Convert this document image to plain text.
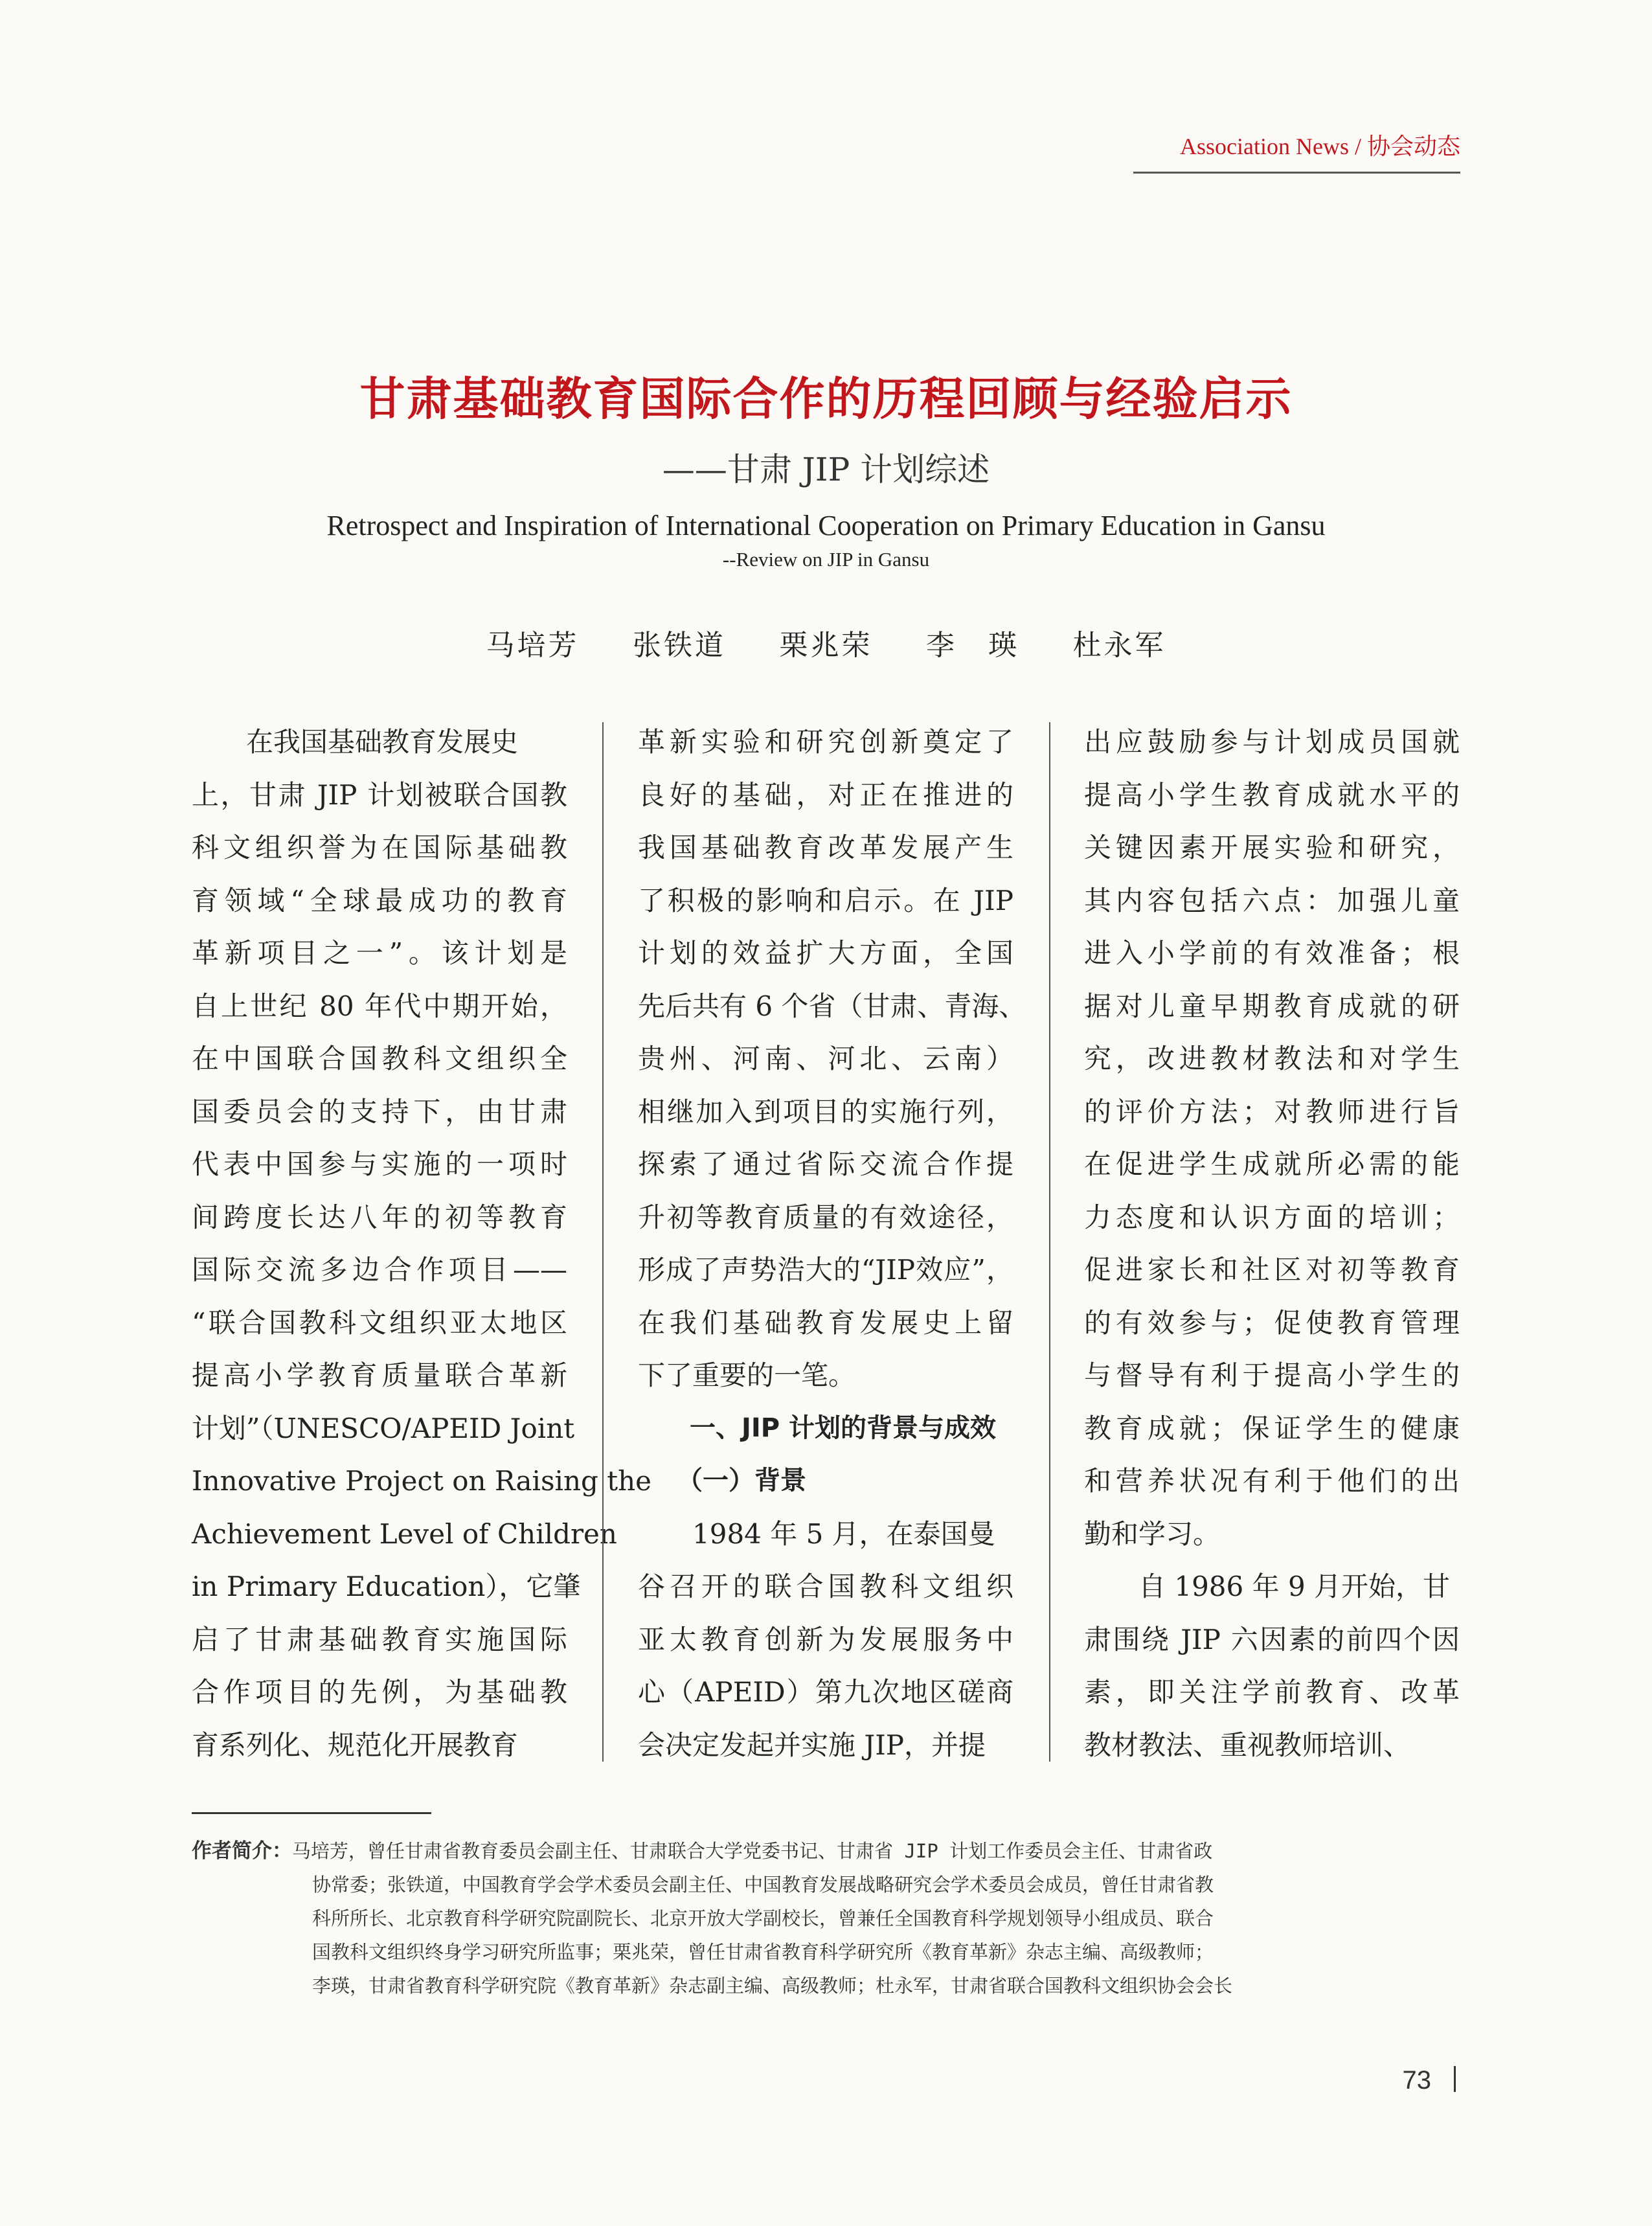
Association News / 协会动态
甘肃基础教育国际合作的历程回顾与经验启示
——甘肃 JIP 计划综述
Retrospect and Inspiration of International Cooperation on Primary Education in Gansu
--Review on JIP in Gansu
马培芳 张铁道 栗兆荣 李　瑛 杜永军
　　在我国基础教育发展史
上，甘肃 JIP 计划被联合国教
科文组织誉为在国际基础教
育领域“全球最成功的教育
革新项目之一”。该计划是
自上世纪 80 年代中期开始，
在中国联合国教科文组织全
国委员会的支持下，由甘肃
代表中国参与实施的一项时
间跨度长达八年的初等教育
国际交流多边合作项目——
“联合国教科文组织亚太地区
提高小学教育质量联合革新
计划”（UNESCO/APEID Joint
Innovative Project on Raising the
Achievement Level of Children
in Primary Education），它肇
启了甘肃基础教育实施国际
合作项目的先例，为基础教
育系列化、规范化开展教育
革新实验和研究创新奠定了
良好的基础，对正在推进的
我国基础教育改革发展产生
了积极的影响和启示。在 JIP
计划的效益扩大方面，全国
先后共有 6 个省（甘肃、青海、
贵州、河南、河北、云南）
相继加入到项目的实施行列，
探索了通过省际交流合作提
升初等教育质量的有效途径，
形成了声势浩大的“JIP效应”，
在我们基础教育发展史上留
下了重要的一笔。
　　一、JIP 计划的背景与成效
　　（一）背景
　　1984 年 5 月，在泰国曼
谷召开的联合国教科文组织
亚太教育创新为发展服务中
心（APEID）第九次地区磋商
会决定发起并实施 JIP，并提
出应鼓励参与计划成员国就
提高小学生教育成就水平的
关键因素开展实验和研究，
其内容包括六点：加强儿童
进入小学前的有效准备；根
据对儿童早期教育成就的研
究，改进教材教法和对学生
的评价方法；对教师进行旨
在促进学生成就所必需的能
力态度和认识方面的培训；
促进家长和社区对初等教育
的有效参与；促使教育管理
与督导有利于提高小学生的
教育成就；保证学生的健康
和营养状况有利于他们的出
勤和学习。
　　自 1986 年 9 月开始，甘
肃围绕 JIP 六因素的前四个因
素，即关注学前教育、改革
教材教法、重视教师培训、
作者简介：马培芳，曾任甘肃省教育委员会副主任、甘肃联合大学党委书记、甘肃省 JIP 计划工作委员会主任、甘肃省政
协常委；张铁道，中国教育学会学术委员会副主任、中国教育发展战略研究会学术委员会成员，曾任甘肃省教
科所所长、北京教育科学研究院副院长、北京开放大学副校长，曾兼任全国教育科学规划领导小组成员、联合
国教科文组织终身学习研究所监事；栗兆荣，曾任甘肃省教育科学研究所《教育革新》杂志主编、高级教师；
李瑛，甘肃省教育科学研究院《教育革新》杂志副主编、高级教师；杜永军，甘肃省联合国教科文组织协会会长
73
